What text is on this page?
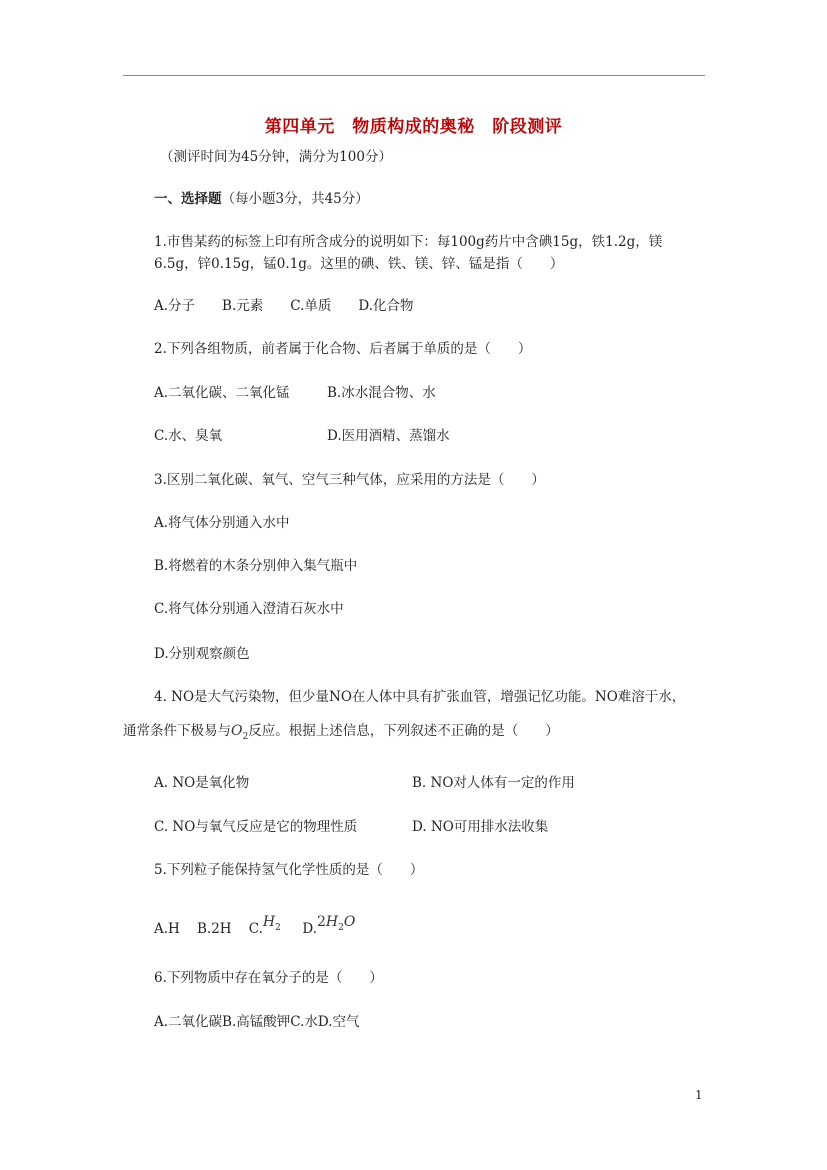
第四单元　物质构成的奥秘　阶段测评
（测评时间为45分钟，满分为100分）
一、选择题（每小题3分，共45分）
1.市售某药的标签上印有所含成分的说明如下：每100g药片中含碘15g，铁1.2g，镁
6.5g，锌0.15g，锰0.1g。这里的碘、铁、镁、锌、锰是指（　　）
A.分子　　B.元素　　C.单质　　D.化合物
2.下列各组物质，前者属于化合物、后者属于单质的是（　　）
A.二氧化碳、二氧化锰	B.冰水混合物、水
C.水、臭氧	D.医用酒精、蒸馏水
3.区别二氧化碳、氧气、空气三种气体，应采用的方法是（　　）
A.将气体分别通入水中
B.将燃着的木条分别伸入集气瓶中
C.将气体分别通入澄清石灰水中
D.分别观察颜色
4. NO是大气污染物，但少量NO在人体中具有扩张血管，增强记忆功能。NO难溶于水，
通常条件下极易与$O_2$反应。根据上述信息，下列叙述不正确的是（　　）
A. NO是氧化物	B. NO对人体有一定的作用
C. NO与氧气反应是它的物理性质	D. NO可用排水法收集
5.下列粒子能保持氢气化学性质的是（　　）
A.H B.2H $C.H_2$ $D.2H_2O$
6.下列物质中存在氧分子的是（　　）
A.二氧化碳B.高锰酸钾C.水D.空气
1
